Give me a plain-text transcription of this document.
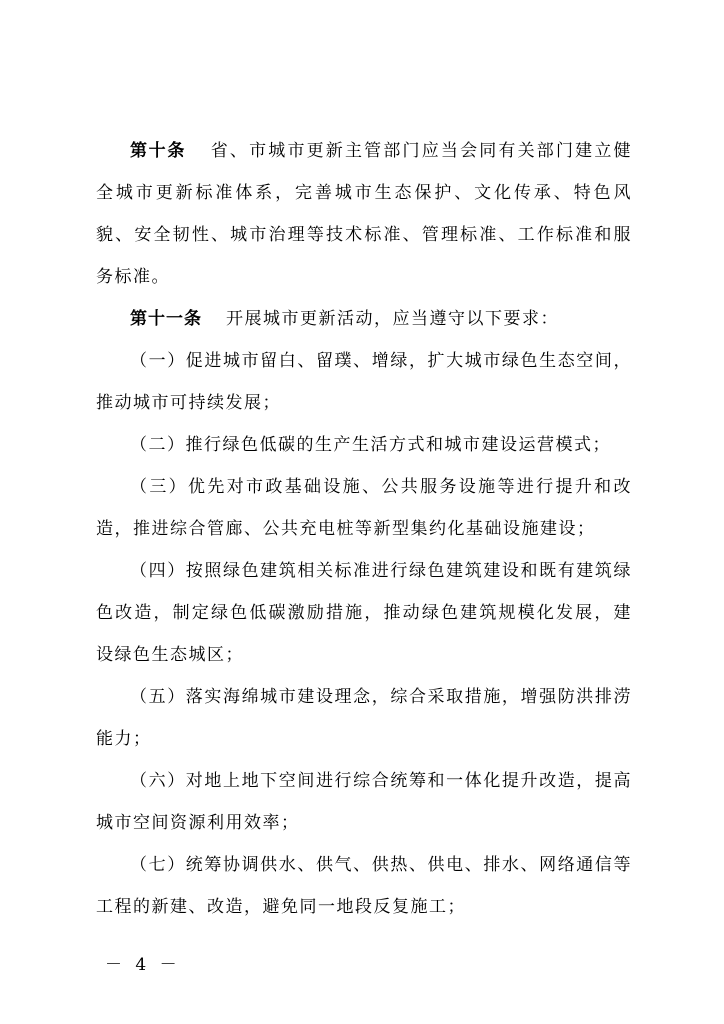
第十条 省、市城市更新主管部门应当会同有关部门建立健全城市更新标准体系，完善城市生态保护、文化传承、特色风貌、安全韧性、城市治理等技术标准、管理标准、工作标准和服务标准。

第十一条 开展城市更新活动，应当遵守以下要求：

（一）促进城市留白、留璞、增绿，扩大城市绿色生态空间，推动城市可持续发展；

（二）推行绿色低碳的生产生活方式和城市建设运营模式；

（三）优先对市政基础设施、公共服务设施等进行提升和改造，推进综合管廊、公共充电桩等新型集约化基础设施建设；

（四）按照绿色建筑相关标准进行绿色建筑建设和既有建筑绿色改造，制定绿色低碳激励措施，推动绿色建筑规模化发展，建设绿色生态城区；

（五）落实海绵城市建设理念，综合采取措施，增强防洪排涝能力；

（六）对地上地下空间进行综合统筹和一体化提升改造，提高城市空间资源利用效率；

（七）统筹协调供水、供气、供热、供电、排水、网络通信等工程的新建、改造，避免同一地段反复施工；

－ 4 －
